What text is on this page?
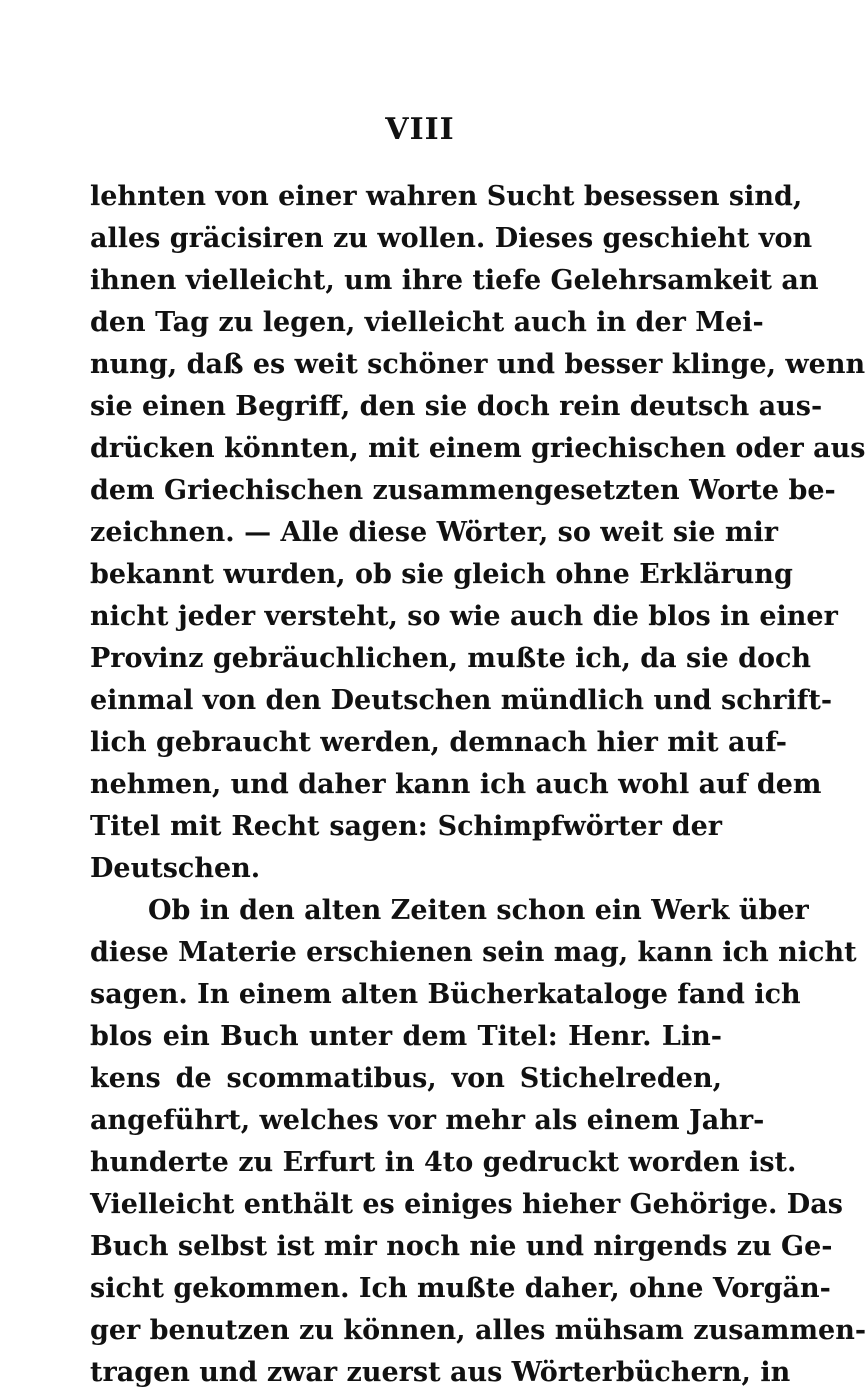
VIII
lehnten von einer wahren Sucht besessen sind,
alles gräcisiren zu wollen. Dieses geschieht von
ihnen vielleicht, um ihre tiefe Gelehrsamkeit an
den Tag zu legen, vielleicht auch in der Mei-
nung, daß es weit schöner und besser klinge, wenn
sie einen Begriff, den sie doch rein deutsch aus-
drücken könnten, mit einem griechischen oder aus
dem Griechischen zusammengesetzten Worte be-
zeichnen. — Alle diese Wörter, so weit sie mir
bekannt wurden, ob sie gleich ohne Erklärung
nicht jeder versteht, so wie auch die blos in einer
Provinz gebräuchlichen, mußte ich, da sie doch
einmal von den Deutschen mündlich und schrift-
lich gebraucht werden, demnach hier mit auf-
nehmen, und daher kann ich auch wohl auf dem
Titel mit Recht sagen: Schimpfwörter der
Deutschen.
Ob in den alten Zeiten schon ein Werk über
diese Materie erschienen sein mag, kann ich nicht
sagen. In einem alten Bücherkataloge fand ich
blos ein Buch unter dem Titel: Henr. Lin-
kens de scommatibus, von Stichelreden,
angeführt, welches vor mehr als einem Jahr-
hunderte zu Erfurt in 4to gedruckt worden ist.
Vielleicht enthält es einiges hieher Gehörige. Das
Buch selbst ist mir noch nie und nirgends zu Ge-
sicht gekommen. Ich mußte daher, ohne Vorgän-
ger benutzen zu können, alles mühsam zusammen-
tragen und zwar zuerst aus Wörterbüchern, in
